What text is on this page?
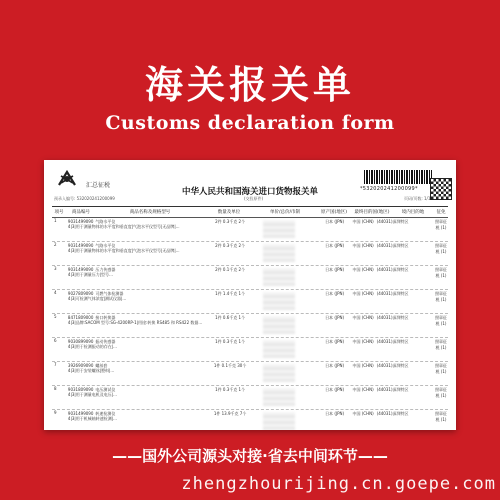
海关报关单
Customs declaration form
汇总征税
中华人民共和国海关进口货物报关单	*532020241200099*
预录入编号: 532020241200099	(交验原件)	页码/页数: 1/1
项号	商品编号	商品名称及规格型号	数量及单位	单价/总价/币制	原产国(地区)	最终目的国(地区)	境内目的地	征免
1	9031499090 气路水平仪
4|3|用于测量物体的水平度和垂直度|气泡水平仪型号|无品牌|...
2件 0.3千克 2个	日本 (JPN)	中国 (CHN) (44031)深圳特区	照章征税 (1)
2	9031499090 气路水平仪
4|3|用于测量物体的水平度和垂直度|气泡水平仪型号|无品牌|...
2件 0.3千克 2个	日本 (JPN)	中国 (CHN) (44031)深圳特区	照章征税 (1)
3	9031499090 压力传感器
4|3|用于测量压力|型号...
2件 0.1千克 2个	日本 (JPN)	中国 (CHN) (44031)深圳特区	照章征税 (1)
4	9027809090 可燃气体检测器
4|3|可检测气体浓度|测试仪器|...
1件 1.4千克 1个	日本 (JPN)	中国 (CHN) (44031)深圳特区	照章征税 (1)
5	8471809000 接口转换器
4|3|品牌:SACOM 型号:SG-4200RP-1|用途:转换 RS485 和 RS422 数据...
1件 0.6千克 1个	日本 (JPN)	中国 (CHN) (44031)深圳特区	照章征税 (1)
6	9030899090 振动传感器
4|3|用于检测振动的存在|...
1件 0.3千克 1个	日本 (JPN)	中国 (CHN) (44031)深圳特区	照章征税 (1)
7	3926909090 螺丝套
4|3|用于安装螺丝|塑料|...
1件 0.1千克 30个	日本 (JPN)	中国 (CHN) (44031)深圳特区	照章征税 (1)
8	9031809090 电压测试仪
4|3|用于测量电机及电压|...
1件 0.3千克 1个	日本 (JPN)	中国 (CHN) (44031)深圳特区	照章征税 (1)
9	9031499090 转速检测仪
4|3|用于机械轴转速检测|...
1件 13.9千克 7个	日本 (JPN)	中国 (CHN) (44031)深圳特区	照章征税 (1)
——国外公司源头对接·省去中间环节——
zhengzhourijing.cn.goepe.com
